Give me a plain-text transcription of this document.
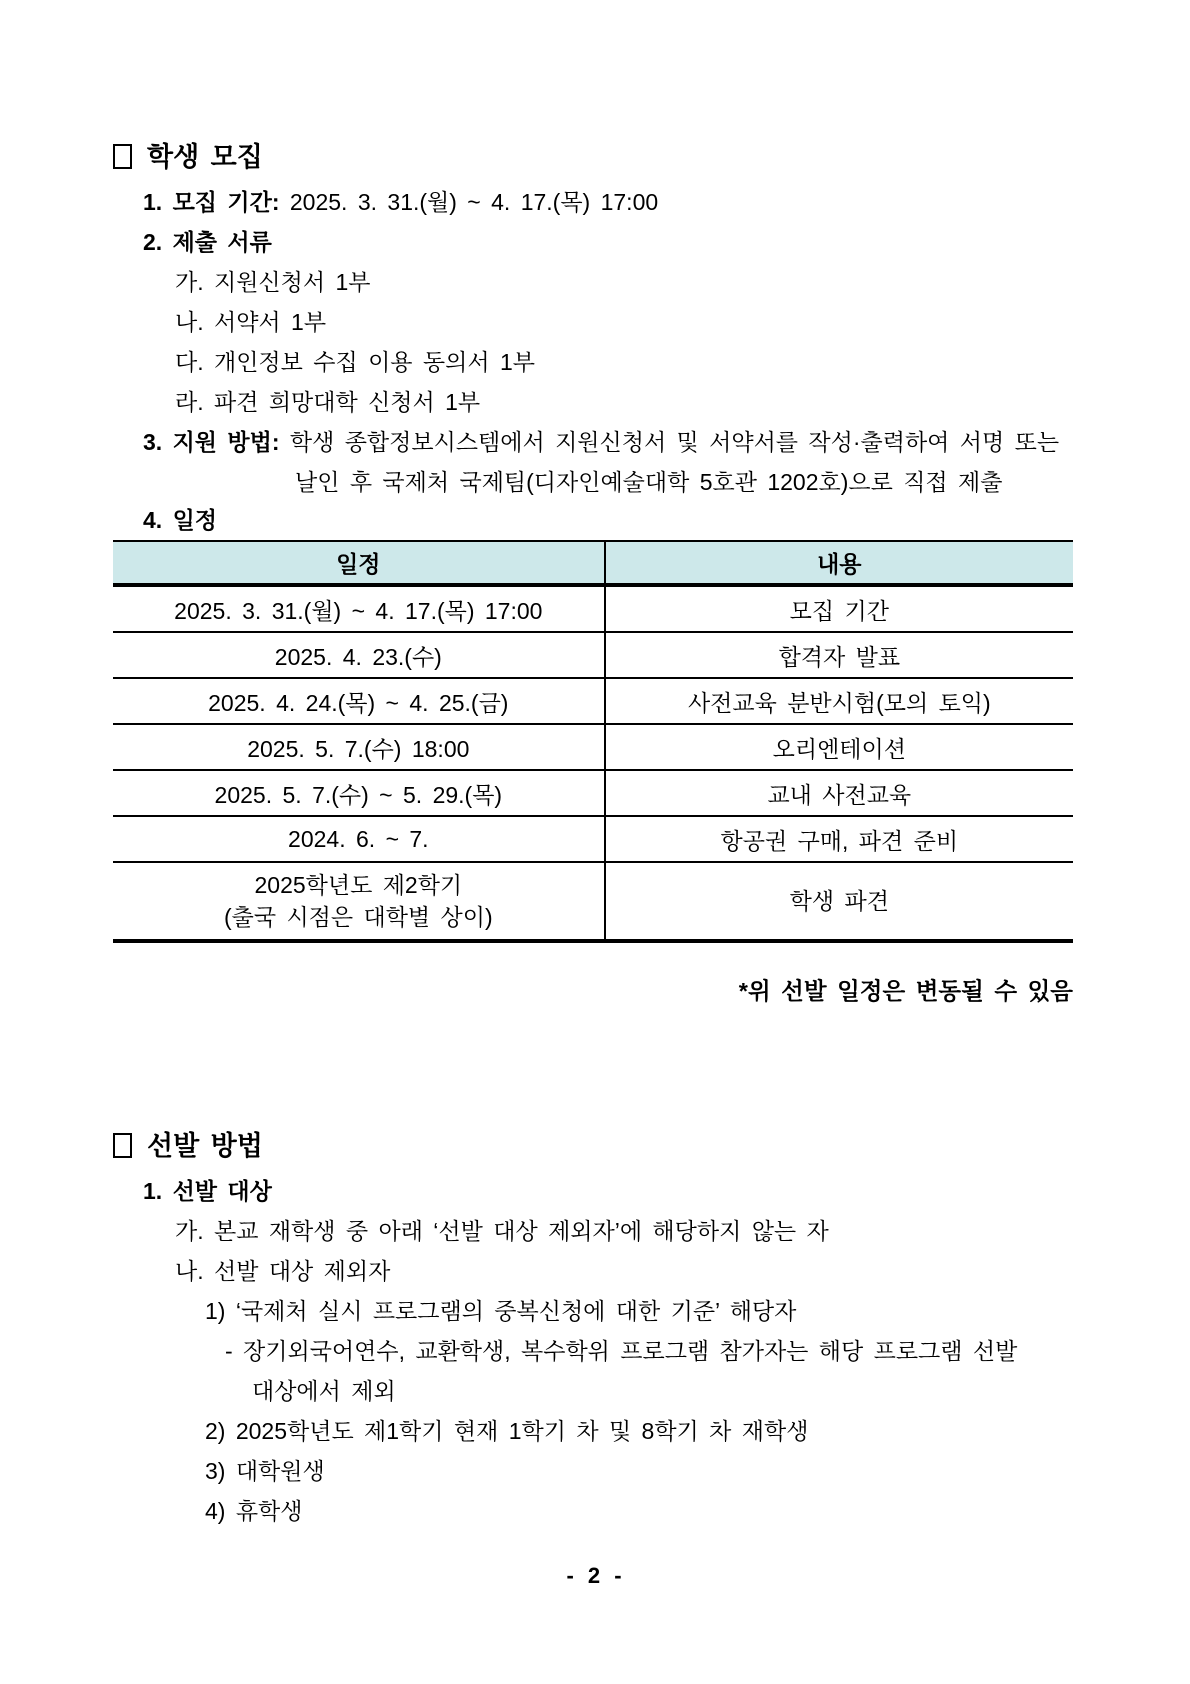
학생 모집
1. 모집 기간: 2025. 3. 31.(월) ~ 4. 17.(목) 17:00
2. 제출 서류
가. 지원신청서 1부
나. 서약서 1부
다. 개인정보 수집 이용 동의서 1부
라. 파견 희망대학 신청서 1부
3. 지원 방법: 학생 종합정보시스템에서 지원신청서 및 서약서를 작성·출력하여 서명 또는
날인 후 국제처 국제팀(디자인예술대학 5호관 1202호)으로 직접 제출
4. 일정
일정	내용
2025. 3. 31.(월) ~ 4. 17.(목) 17:00	모집 기간
2025. 4. 23.(수)	합격자 발표
2025. 4. 24.(목) ~ 4. 25.(금)	사전교육 분반시험(모의 토익)
2025. 5. 7.(수) 18:00	오리엔테이션
2025. 5. 7.(수) ~ 5. 29.(목)	교내 사전교육
2024. 6. ~ 7.	항공권 구매, 파견 준비

2025학년도 제2학기
(출국 시점은 대학별 상이)	학생 파견
*위 선발 일정은 변동될 수 있음
선발 방법
1. 선발 대상
가. 본교 재학생 중 아래 ‘선발 대상 제외자’에 해당하지 않는 자
나. 선발 대상 제외자
1) ‘국제처 실시 프로그램의 중복신청에 대한 기준’ 해당자
- 장기외국어연수, 교환학생, 복수학위 프로그램 참가자는 해당 프로그램 선발
대상에서 제외
2) 2025학년도 제1학기 현재 1학기 차 및 8학기 차 재학생
3) 대학원생
4) 휴학생
- 2 -
